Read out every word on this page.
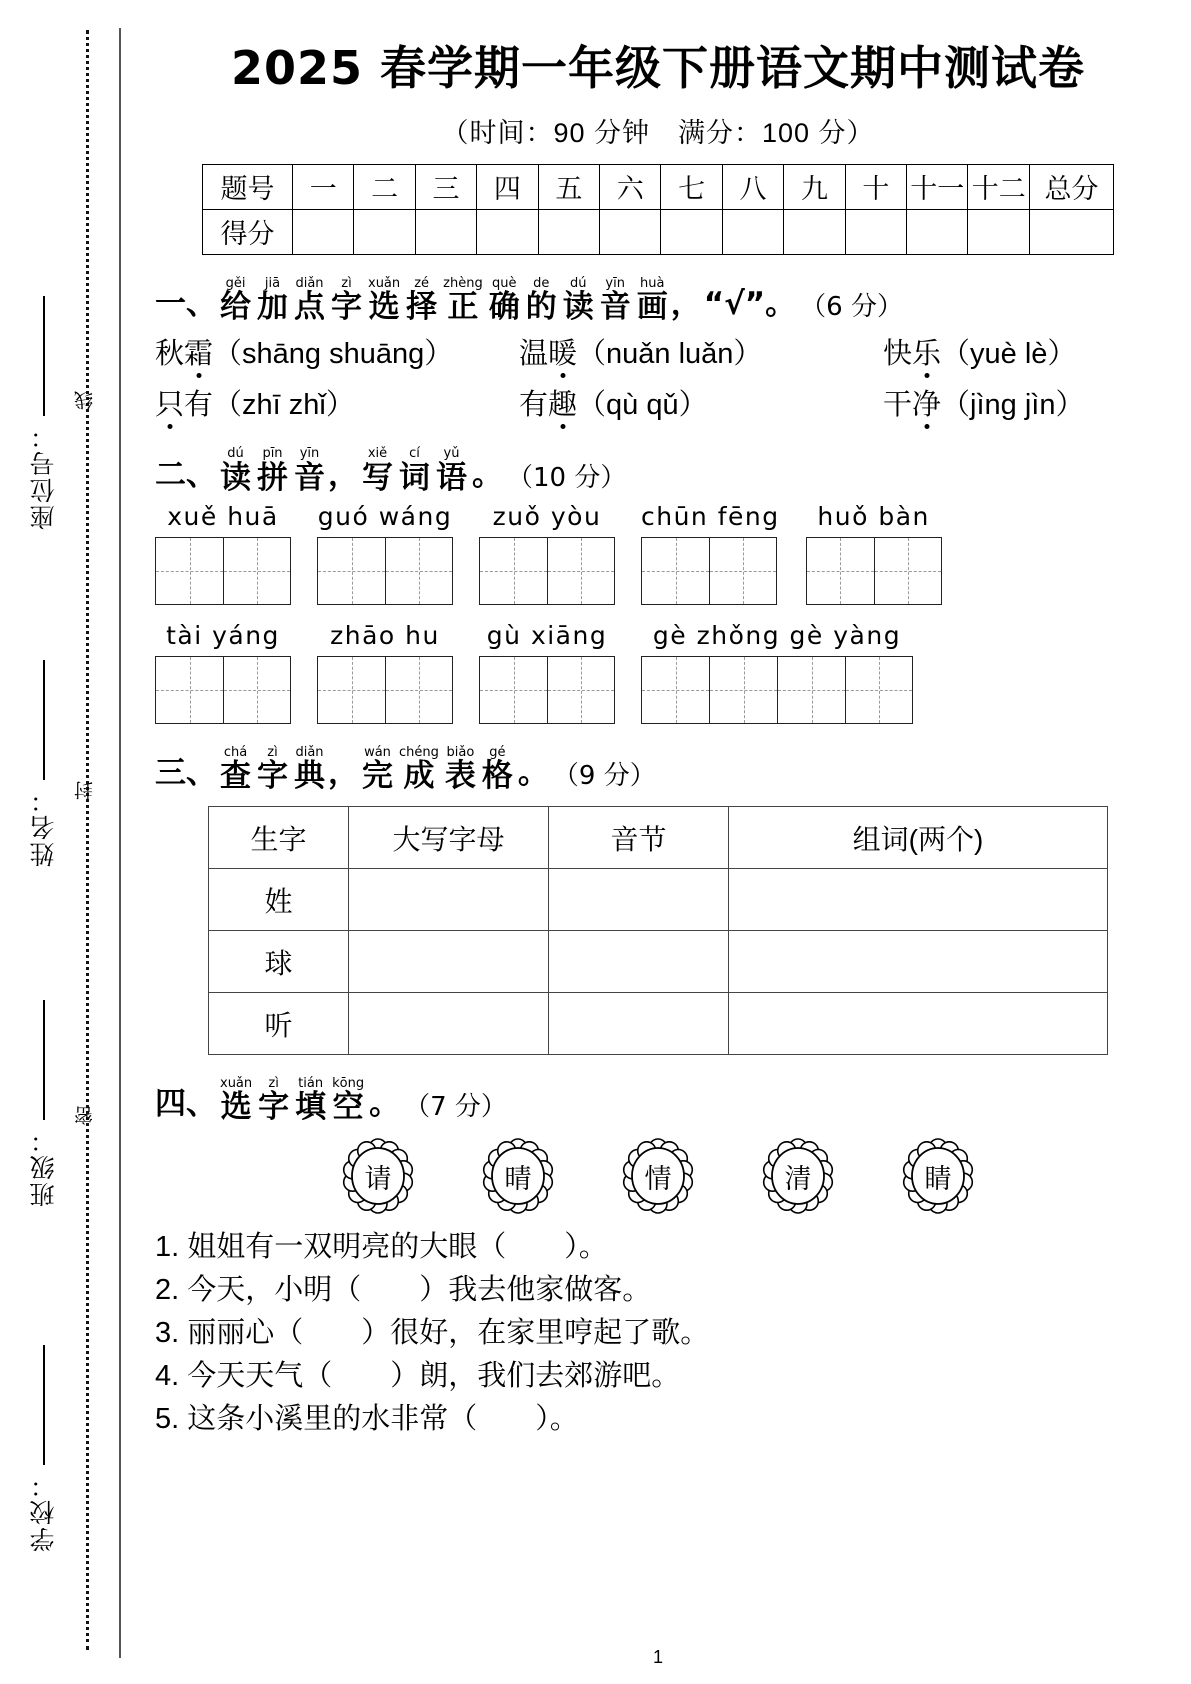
线
封
密
座位号：
姓名：
班级：
学校：
2025 春学期一年级下册语文期中测试卷
（时间：90 分钟　满分：100 分）
题号	一	二	三	四	五	六	七	八	九	十	十一	十二	总分
得分													
一、
gěi
给
jiā
加
diǎn
点
zì
字
xuǎn
选
zé
择
zhèng
正
què
确
de
的
dú
读
yīn
音
huà
画 ， “√”。 （6 分）
秋霜（shāng shuāng）	温暖（nuǎn luǎn）	快乐（yuè lè）
只有（zhī zhǐ）	有趣（qù qǔ）	干净（jìng jìn）
二、
dú
读
pīn
拼
yīn
音 ，
xiě
写
cí
词
yǔ
语 。 （10 分）
xuě huā	guó wáng	zuǒ yòu	chūn fēng	huǒ bàn
tài yáng	zhāo hu	gù xiāng	gè zhǒng gè yàng
三、
chá
查
zì
字
diǎn
典 ，
wán
完
chéng
成
biǎo
表
gé
格 。 （9 分）
生字	大写字母	音节	组词(两个)
姓			
球			
听			
四、
xuǎn
选
zì
字
tián
填
kōng
空 。 （7 分）
请	晴	情	清	睛
1. 姐姐有一双明亮的大眼（　　）。
2. 今天，小明（　　）我去他家做客。
3. 丽丽心（　　）很好，在家里哼起了歌。
4. 今天天气（　　）朗，我们去郊游吧。
5. 这条小溪里的水非常（　　）。
1
